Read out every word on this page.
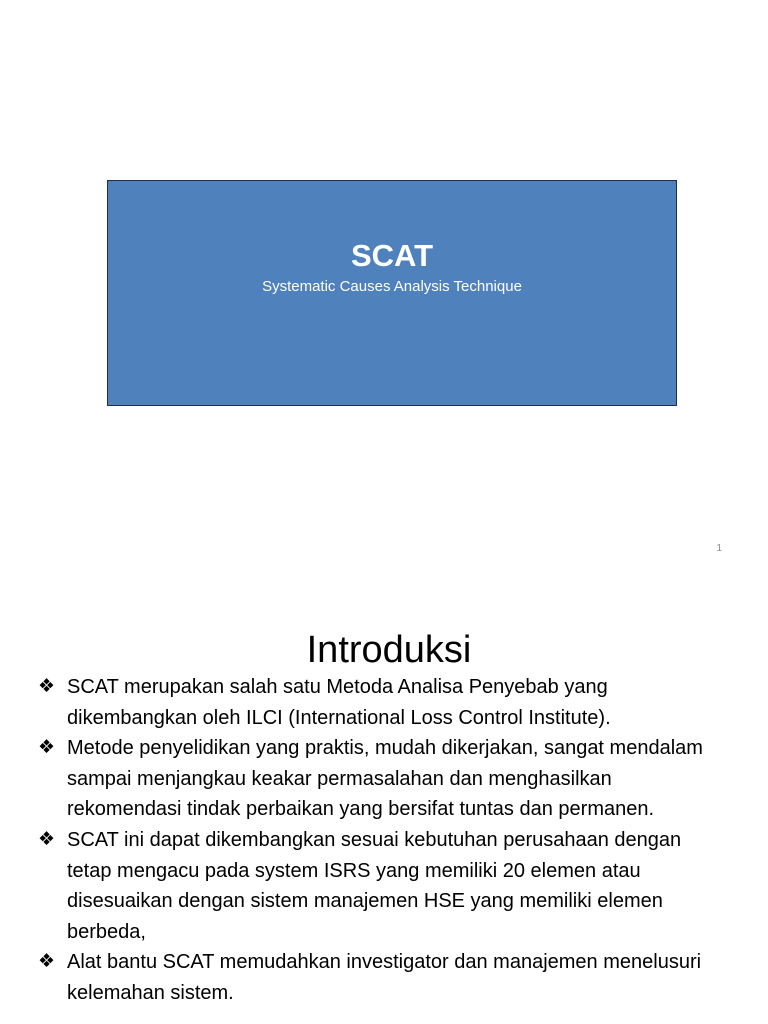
SCAT
Systematic Causes Analysis Technique
1
Introduksi
❖ SCAT merupakan salah satu Metoda Analisa Penyebab yang dikembangkan oleh ILCI (International Loss Control Institute).
❖ Metode penyelidikan yang praktis, mudah dikerjakan, sangat mendalam sampai menjangkau keakar permasalahan dan menghasilkan rekomendasi tindak perbaikan yang bersifat tuntas dan permanen.
❖ SCAT ini dapat dikembangkan sesuai kebutuhan perusahaan dengan tetap mengacu pada system ISRS yang memiliki 20 elemen atau disesuaikan dengan sistem manajemen HSE yang memiliki elemen berbeda,
❖ Alat bantu SCAT memudahkan investigator dan manajemen menelusuri kelemahan sistem.
